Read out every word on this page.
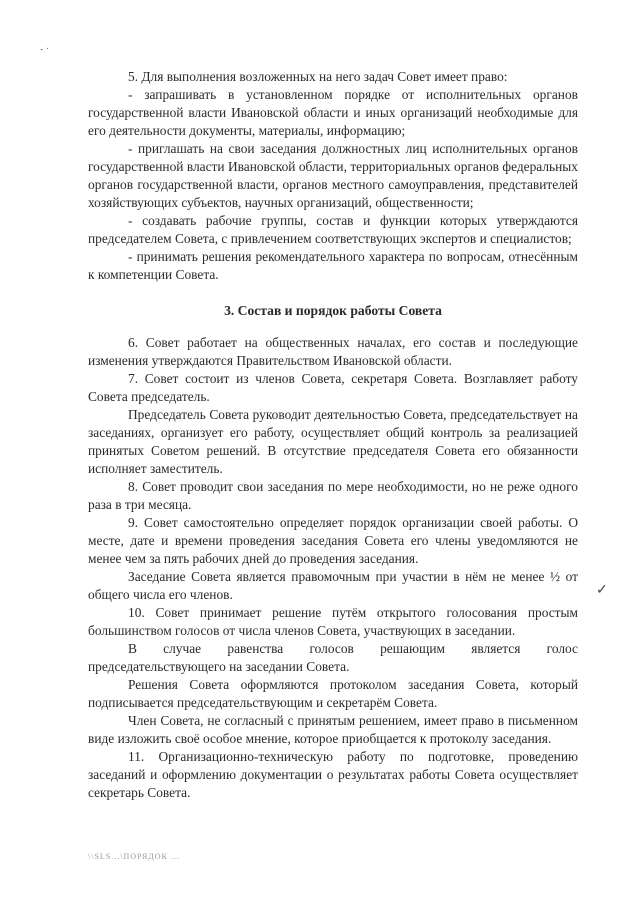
- ·

5. Для выполнения возложенных на него задач Совет имеет право:

- запрашивать в установленном порядке от исполнительных органов государственной власти Ивановской области и иных организаций необходимые для его деятельности документы, материалы, информацию;

- приглашать на свои заседания должностных лиц исполнительных органов государственной власти Ивановской области, территориальных органов федеральных органов государственной власти, органов местного самоуправления, представителей хозяйствующих субъектов, научных организаций, общественности;

- создавать рабочие группы, состав и функции которых утверждаются председателем Совета, с привлечением соответствующих экспертов и специалистов;

- принимать решения рекомендательного характера по вопросам, отнесённым к компетенции Совета.

3. Состав и порядок работы Совета

6. Совет работает на общественных началах, его состав и последующие изменения утверждаются Правительством Ивановской области.

7. Совет состоит из членов Совета, секретаря Совета. Возглавляет работу Совета председатель.

Председатель Совета руководит деятельностью Совета, председательствует на заседаниях, организует его работу, осуществляет общий контроль за реализацией принятых Советом решений. В отсутствие председателя Совета его обязанности исполняет заместитель.

8. Совет проводит свои заседания по мере необходимости, но не реже одного раза в три месяца.

9. Совет самостоятельно определяет порядок организации своей работы. О месте, дате и времени проведения заседания Совета его члены уведомляются не менее чем за пять рабочих дней до проведения заседания.

Заседание Совета является правомочным при участии в нём не менее ½ от общего числа его членов.

10. Совет принимает решение путём открытого голосования простым большинством голосов от числа членов Совета, участвующих в заседании.

В случае равенства голосов решающим является голос председательствующего на заседании Совета.

Решения Совета оформляются протоколом заседания Совета, который подписывается председательствующим и секретарём Совета.

Член Совета, не согласный с принятым решением, имеет право в письменном виде изложить своё особое мнение, которое приобщается к протоколу заседания.

11. Организационно-техническую работу по подготовке, проведению заседаний и оформлению документации о результатах работы Совета осуществляет секретарь Совета.

✓
\\SLS...\ПОРЯДОК ...
